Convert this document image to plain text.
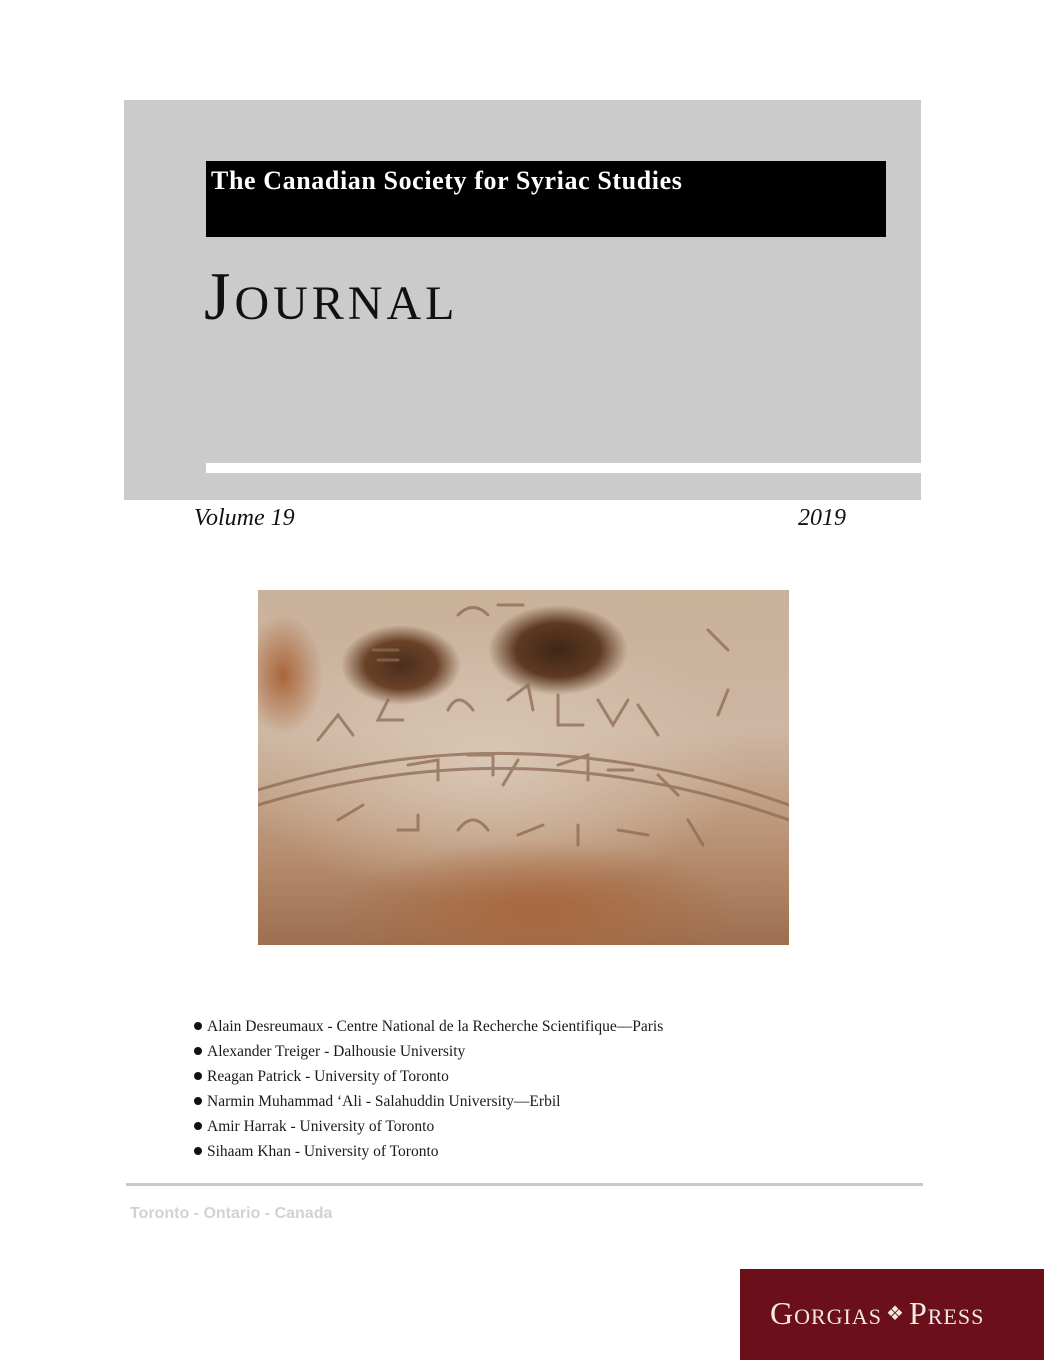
The Canadian Society for Syriac Studies
Journal
Volume 19	2019
Alain Desreumaux - Centre National de la Recherche Scientifique—Paris
Alexander Treiger - Dalhousie University
Reagan Patrick - University of Toronto
Narmin Muhammad ‘Ali - Salahuddin University—Erbil
Amir Harrak - University of Toronto
Sihaam Khan - University of Toronto
Toronto - Ontario - Canada
Gorgias ❖ Press
